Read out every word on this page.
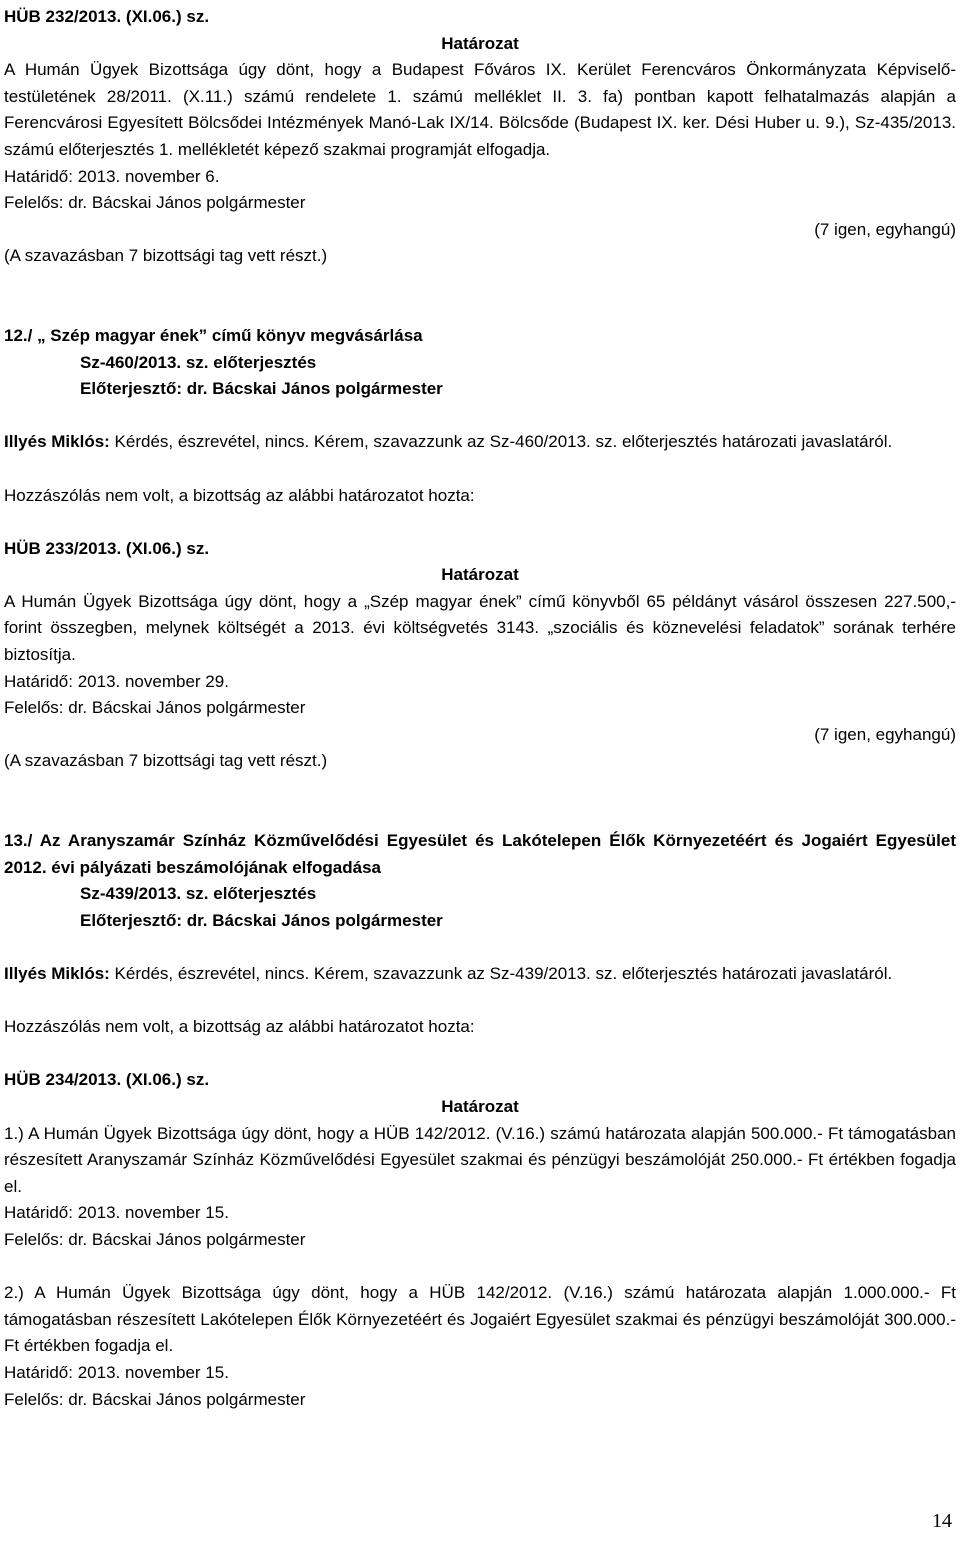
HÜB 232/2013. (XI.06.) sz.

Határozat

A Humán Ügyek Bizottsága úgy dönt, hogy a Budapest Főváros IX. Kerület Ferencváros Önkormányzata Képviselő-testületének 28/2011. (X.11.) számú rendelete 1. számú melléklet II. 3. fa) pontban kapott felhatalmazás alapján a Ferencvárosi Egyesített Bölcsődei Intézmények Manó-Lak IX/14. Bölcsőde (Budapest IX. ker. Dési Huber u. 9.), Sz-435/2013. számú előterjesztés 1. mellékletét képező szakmai programját elfogadja.

Határidő: 2013. november 6.

Felelős: dr. Bácskai János polgármester

(7 igen, egyhangú)

(A szavazásban 7 bizottsági tag vett részt.)

12./ „ Szép magyar ének” című könyv megvásárlása

Sz-460/2013. sz. előterjesztés

Előterjesztő: dr. Bácskai János polgármester

Illyés Miklós: Kérdés, észrevétel, nincs. Kérem, szavazzunk az Sz-460/2013. sz. előterjesztés határozati javaslatáról.

Hozzászólás nem volt, a bizottság az alábbi határozatot hozta:

HÜB 233/2013. (XI.06.) sz.

Határozat

A Humán Ügyek Bizottsága úgy dönt, hogy a „Szép magyar ének” című könyvből 65 példányt vásárol összesen 227.500,- forint összegben, melynek költségét a 2013. évi költségvetés 3143. „szociális és köznevelési feladatok” sorának terhére biztosítja.

Határidő: 2013. november 29.

Felelős: dr. Bácskai János polgármester

(7 igen, egyhangú)

(A szavazásban 7 bizottsági tag vett részt.)

13./ Az Aranyszamár Színház Közművelődési Egyesület és Lakótelepen Élők Környezetéért és Jogaiért Egyesület 2012. évi pályázati beszámolójának elfogadása

Sz-439/2013. sz. előterjesztés

Előterjesztő: dr. Bácskai János polgármester

Illyés Miklós: Kérdés, észrevétel, nincs. Kérem, szavazzunk az Sz-439/2013. sz. előterjesztés határozati javaslatáról.

Hozzászólás nem volt, a bizottság az alábbi határozatot hozta:

HÜB 234/2013. (XI.06.) sz.

Határozat

1.) A Humán Ügyek Bizottsága úgy dönt, hogy a HÜB 142/2012. (V.16.) számú határozata alapján 500.000.- Ft támogatásban részesített Aranyszamár Színház Közművelődési Egyesület szakmai és pénzügyi beszámolóját 250.000.- Ft értékben fogadja el.

Határidő: 2013. november 15.

Felelős: dr. Bácskai János polgármester

2.) A Humán Ügyek Bizottsága úgy dönt, hogy a HÜB 142/2012. (V.16.) számú határozata alapján 1.000.000.- Ft támogatásban részesített Lakótelepen Élők Környezetéért és Jogaiért Egyesület szakmai és pénzügyi beszámolóját 300.000.- Ft értékben fogadja el.

Határidő: 2013. november 15.

Felelős: dr. Bácskai János polgármester

14
